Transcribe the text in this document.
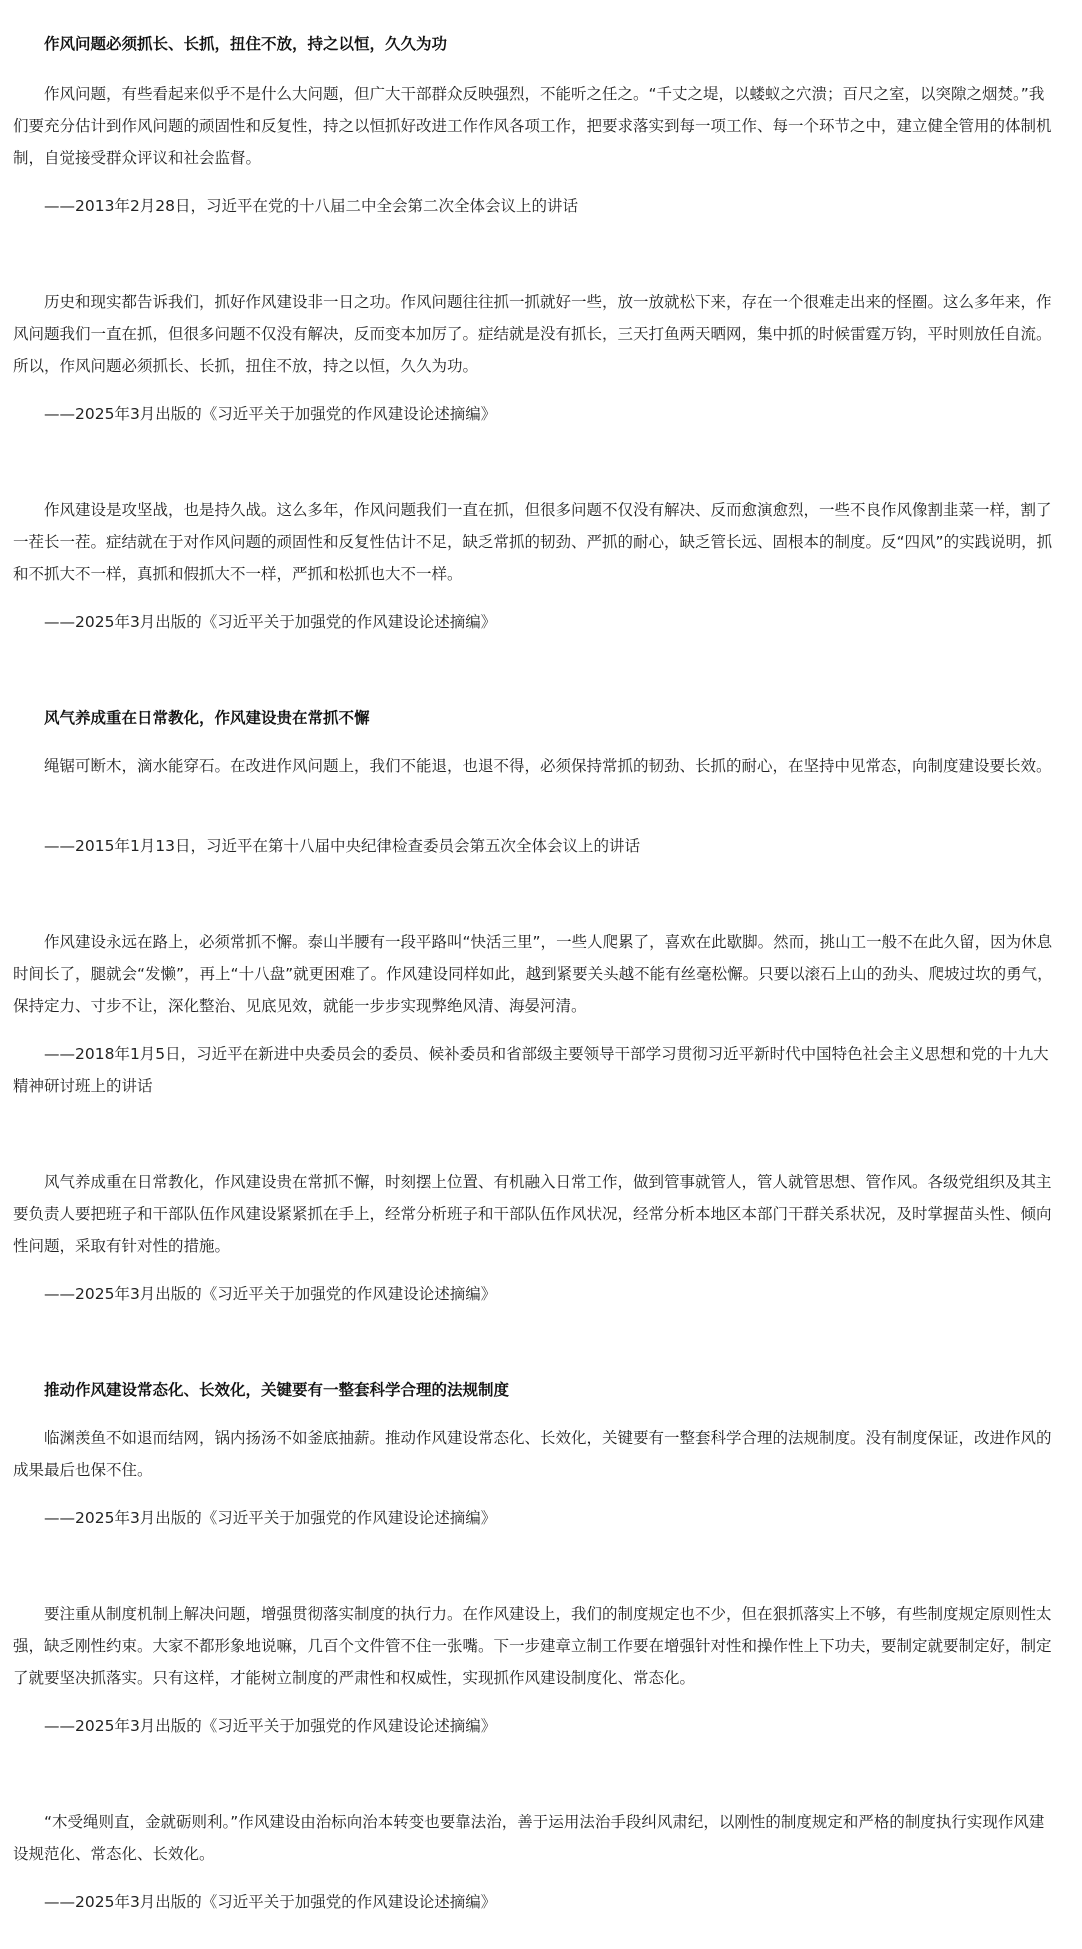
作风问题必须抓长、长抓，扭住不放，持之以恒，久久为功

作风问题，有些看起来似乎不是什么大问题，但广大干部群众反映强烈，不能听之任之。“千丈之堤，以蝼蚁之穴溃；百尺之室，以突隙之烟焚。”我们要充分估计到作风问题的顽固性和反复性，持之以恒抓好改进工作作风各项工作，把要求落实到每一项工作、每一个环节之中，建立健全管用的体制机制，自觉接受群众评议和社会监督。

——2013年2月28日，习近平在党的十八届二中全会第二次全体会议上的讲话

历史和现实都告诉我们，抓好作风建设非一日之功。作风问题往往抓一抓就好一些，放一放就松下来，存在一个很难走出来的怪圈。这么多年来，作风问题我们一直在抓，但很多问题不仅没有解决，反而变本加厉了。症结就是没有抓长，三天打鱼两天晒网，集中抓的时候雷霆万钧，平时则放任自流。所以，作风问题必须抓长、长抓，扭住不放，持之以恒，久久为功。

——2025年3月出版的《习近平关于加强党的作风建设论述摘编》

作风建设是攻坚战，也是持久战。这么多年，作风问题我们一直在抓，但很多问题不仅没有解决、反而愈演愈烈，一些不良作风像割韭菜一样，割了一茬长一茬。症结就在于对作风问题的顽固性和反复性估计不足，缺乏常抓的韧劲、严抓的耐心，缺乏管长远、固根本的制度。反“四风”的实践说明，抓和不抓大不一样，真抓和假抓大不一样，严抓和松抓也大不一样。

——2025年3月出版的《习近平关于加强党的作风建设论述摘编》

风气养成重在日常教化，作风建设贵在常抓不懈

绳锯可断木，滴水能穿石。在改进作风问题上，我们不能退，也退不得，必须保持常抓的韧劲、长抓的耐心，在坚持中见常态，向制度建设要长效。

——2015年1月13日，习近平在第十八届中央纪律检查委员会第五次全体会议上的讲话

作风建设永远在路上，必须常抓不懈。泰山半腰有一段平路叫“快活三里”，一些人爬累了，喜欢在此歇脚。然而，挑山工一般不在此久留，因为休息时间长了，腿就会“发懒”，再上“十八盘”就更困难了。作风建设同样如此，越到紧要关头越不能有丝毫松懈。只要以滚石上山的劲头、爬坡过坎的勇气，保持定力、寸步不让，深化整治、见底见效，就能一步步实现弊绝风清、海晏河清。

——2018年1月5日，习近平在新进中央委员会的委员、候补委员和省部级主要领导干部学习贯彻习近平新时代中国特色社会主义思想和党的十九大精神研讨班上的讲话

风气养成重在日常教化，作风建设贵在常抓不懈，时刻摆上位置、有机融入日常工作，做到管事就管人，管人就管思想、管作风。各级党组织及其主要负责人要把班子和干部队伍作风建设紧紧抓在手上，经常分析班子和干部队伍作风状况，经常分析本地区本部门干群关系状况，及时掌握苗头性、倾向性问题，采取有针对性的措施。

——2025年3月出版的《习近平关于加强党的作风建设论述摘编》

推动作风建设常态化、长效化，关键要有一整套科学合理的法规制度

临渊羡鱼不如退而结网，锅内扬汤不如釜底抽薪。推动作风建设常态化、长效化，关键要有一整套科学合理的法规制度。没有制度保证，改进作风的成果最后也保不住。

——2025年3月出版的《习近平关于加强党的作风建设论述摘编》

要注重从制度机制上解决问题，增强贯彻落实制度的执行力。在作风建设上，我们的制度规定也不少，但在狠抓落实上不够，有些制度规定原则性太强，缺乏刚性约束。大家不都形象地说嘛，几百个文件管不住一张嘴。下一步建章立制工作要在增强针对性和操作性上下功夫，要制定就要制定好，制定了就要坚决抓落实。只有这样，才能树立制度的严肃性和权威性，实现抓作风建设制度化、常态化。

——2025年3月出版的《习近平关于加强党的作风建设论述摘编》

“木受绳则直，金就砺则利。”作风建设由治标向治本转变也要靠法治，善于运用法治手段纠风肃纪，以刚性的制度规定和严格的制度执行实现作风建设规范化、常态化、长效化。

——2025年3月出版的《习近平关于加强党的作风建设论述摘编》
